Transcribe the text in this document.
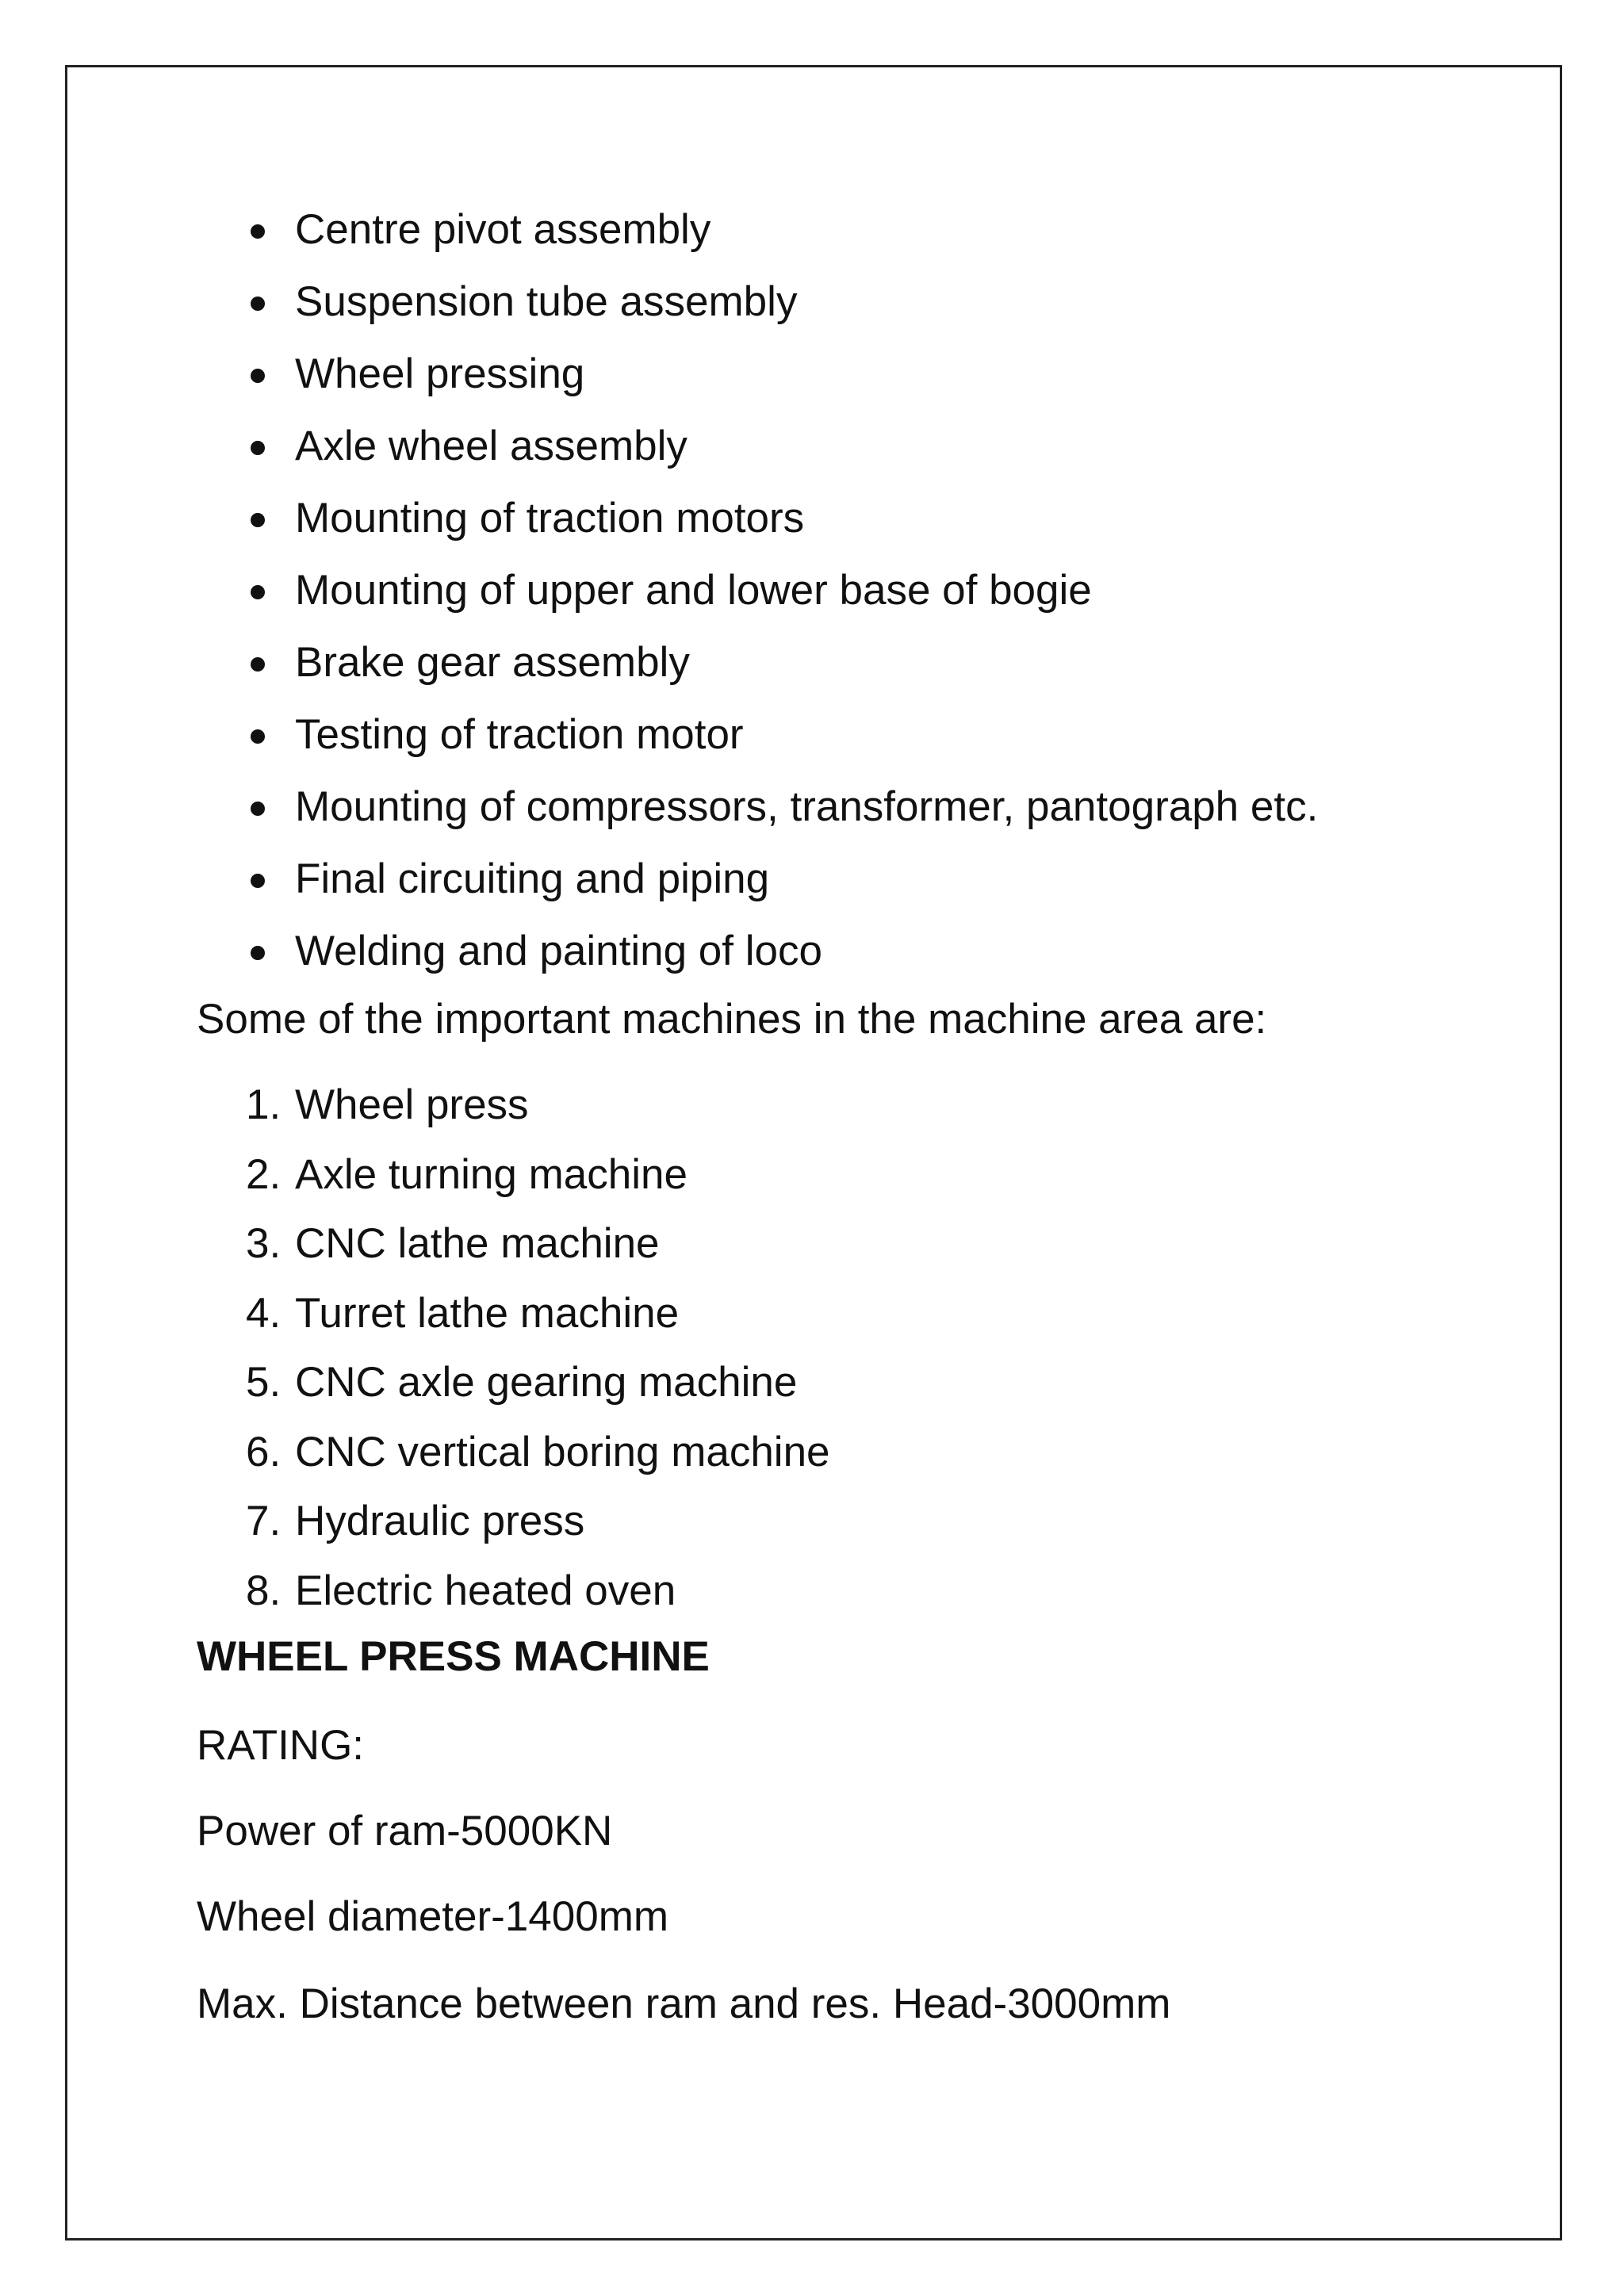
Centre pivot assembly
Suspension tube assembly
Wheel pressing
Axle wheel assembly
Mounting of traction motors
Mounting of upper and lower base of bogie
Brake gear assembly
Testing of traction motor
Mounting of compressors, transformer, pantograph etc.
Final circuiting and piping
Welding and painting of loco

Some of the important machines in the machine area are:

1. Wheel press
2. Axle turning machine
3. CNC lathe machine
4. Turret lathe machine
5. CNC axle gearing machine
6. CNC vertical boring machine
7. Hydraulic press
8. Electric heated oven
WHEEL PRESS MACHINE

RATING:

Power of ram-5000KN

Wheel diameter-1400mm

Max. Distance between ram and res. Head-3000mm
